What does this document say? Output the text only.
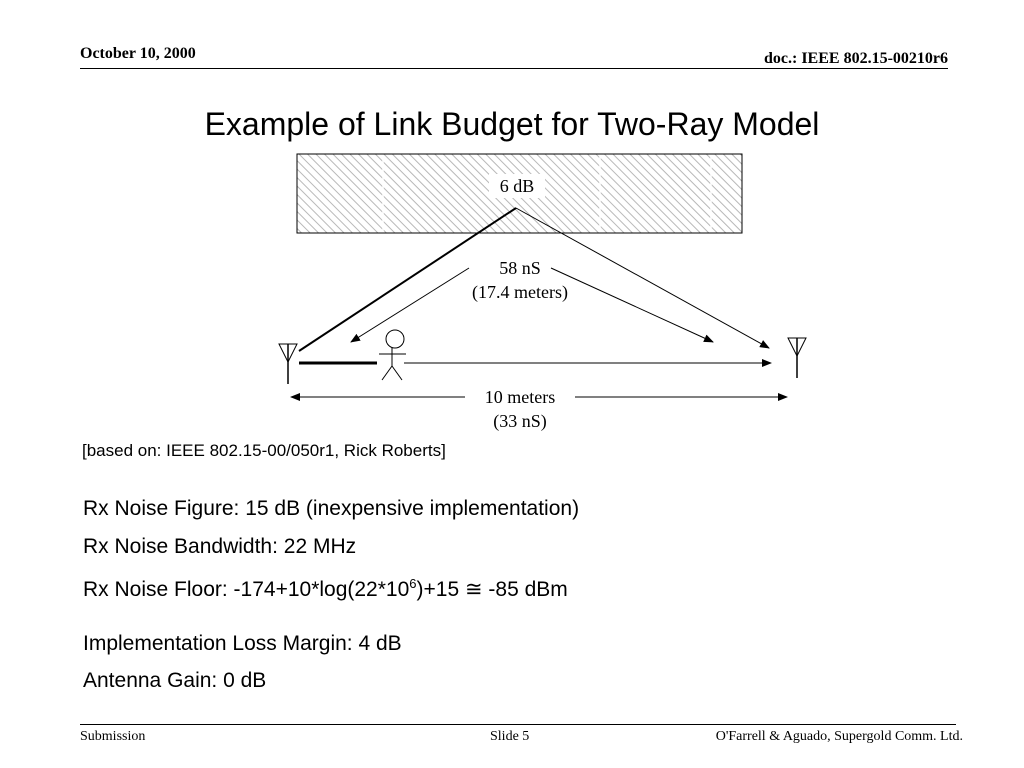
October 10, 2000	doc.: IEEE 802.15-00210r6
Example of Link Budget for Two-Ray Model
6 dB
58 nS
(17.4 meters)
10 meters
(33 nS)
[based on: IEEE 802.15-00/050r1, Rick Roberts]
Rx Noise Figure: 15 dB (inexpensive implementation)
Rx Noise Bandwidth: 22 MHz
Rx Noise Floor: $-174+10*\log(22*10^6)+15$ ≅ -85 dBm
Implementation Loss Margin: 4 dB
Antenna Gain: 0 dB
Submission	Slide 5	O'Farrell & Aguado, Supergold Comm. Ltd.
